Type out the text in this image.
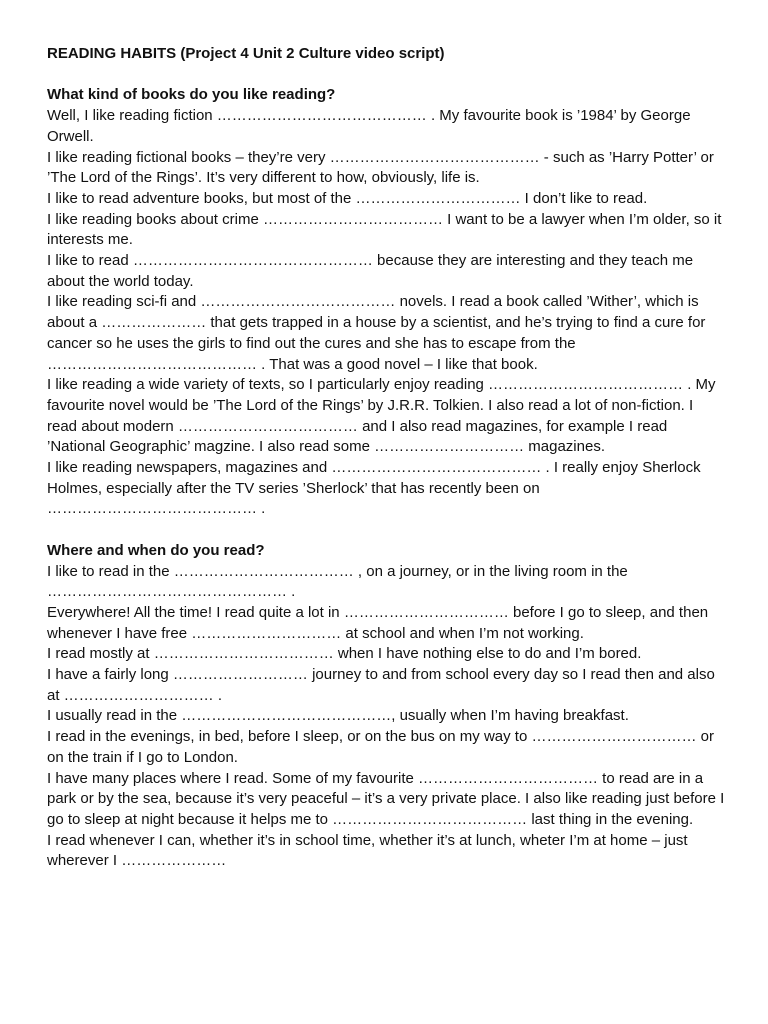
READING HABITS (Project 4 Unit 2 Culture video script)

What kind of books do you like reading?

Well, I like reading fiction …………………………………… . My favourite book is ’1984’ by George Orwell.

I like reading fictional books – they’re very …………………………………… - such as ’Harry Potter’ or ’The Lord of the Rings’. It’s very different to how, obviously, life is.

I like to read adventure books, but most of the …………………………… I don’t like to read.

I like reading books about crime ……………………………… I want to be a lawyer when I’m older, so it interests me.

I like to read ………………………………………… because they are interesting and they teach me about the world today.

I like reading sci-fi and ………………………………… novels. I read a book called ’Wither’, which is about a ………………… that gets trapped in a house by a scientist, and he’s trying to find a cure for cancer so he uses the girls to find out the cures and she has to escape from the …………………………………… . That was a good novel – I like that book.

I like reading a wide variety of texts, so I particularly enjoy reading ………………………………… . My favourite novel would be ’The Lord of the Rings’ by J.R.R. Tolkien. I also read a lot of non-fiction. I read about modern ……………………………… and I also read magazines, for example I read ’National Geographic’ magzine. I also read some ………………………… magazines.

I like reading newspapers, magazines and …………………………………… . I really enjoy Sherlock Holmes, especially after the TV series ’Sherlock’ that has recently been on …………………………………… .

Where and when do you read?

I like to read in the ……………………………… , on a journey, or in the living room in the ………………………………………… .

Everywhere! All the time! I read quite a lot in …………………………… before I go to sleep, and then whenever I have free ………………………… at school and when I’m not working.

I read mostly at ……………………………… when I have nothing else to do and I’m bored.

I have a fairly long ……………………… journey to and from school every day so I read then and also at ………………………… .

I usually read in the ……………………………………, usually when I’m having breakfast.

I read in the evenings, in bed, before I sleep, or on the bus on my way to …………………………… or on the train if I go to London.

I have many places where I read. Some of my favourite ……………………………… to read are in a park or by the sea, because it’s very peaceful – it’s a very private place. I also like reading just before I go to sleep at night because it helps me to ………………………………… last thing in the evening.

I read whenever I can, whether it’s in school time, whether it’s at lunch, wheter I’m at home – just wherever I …………………
